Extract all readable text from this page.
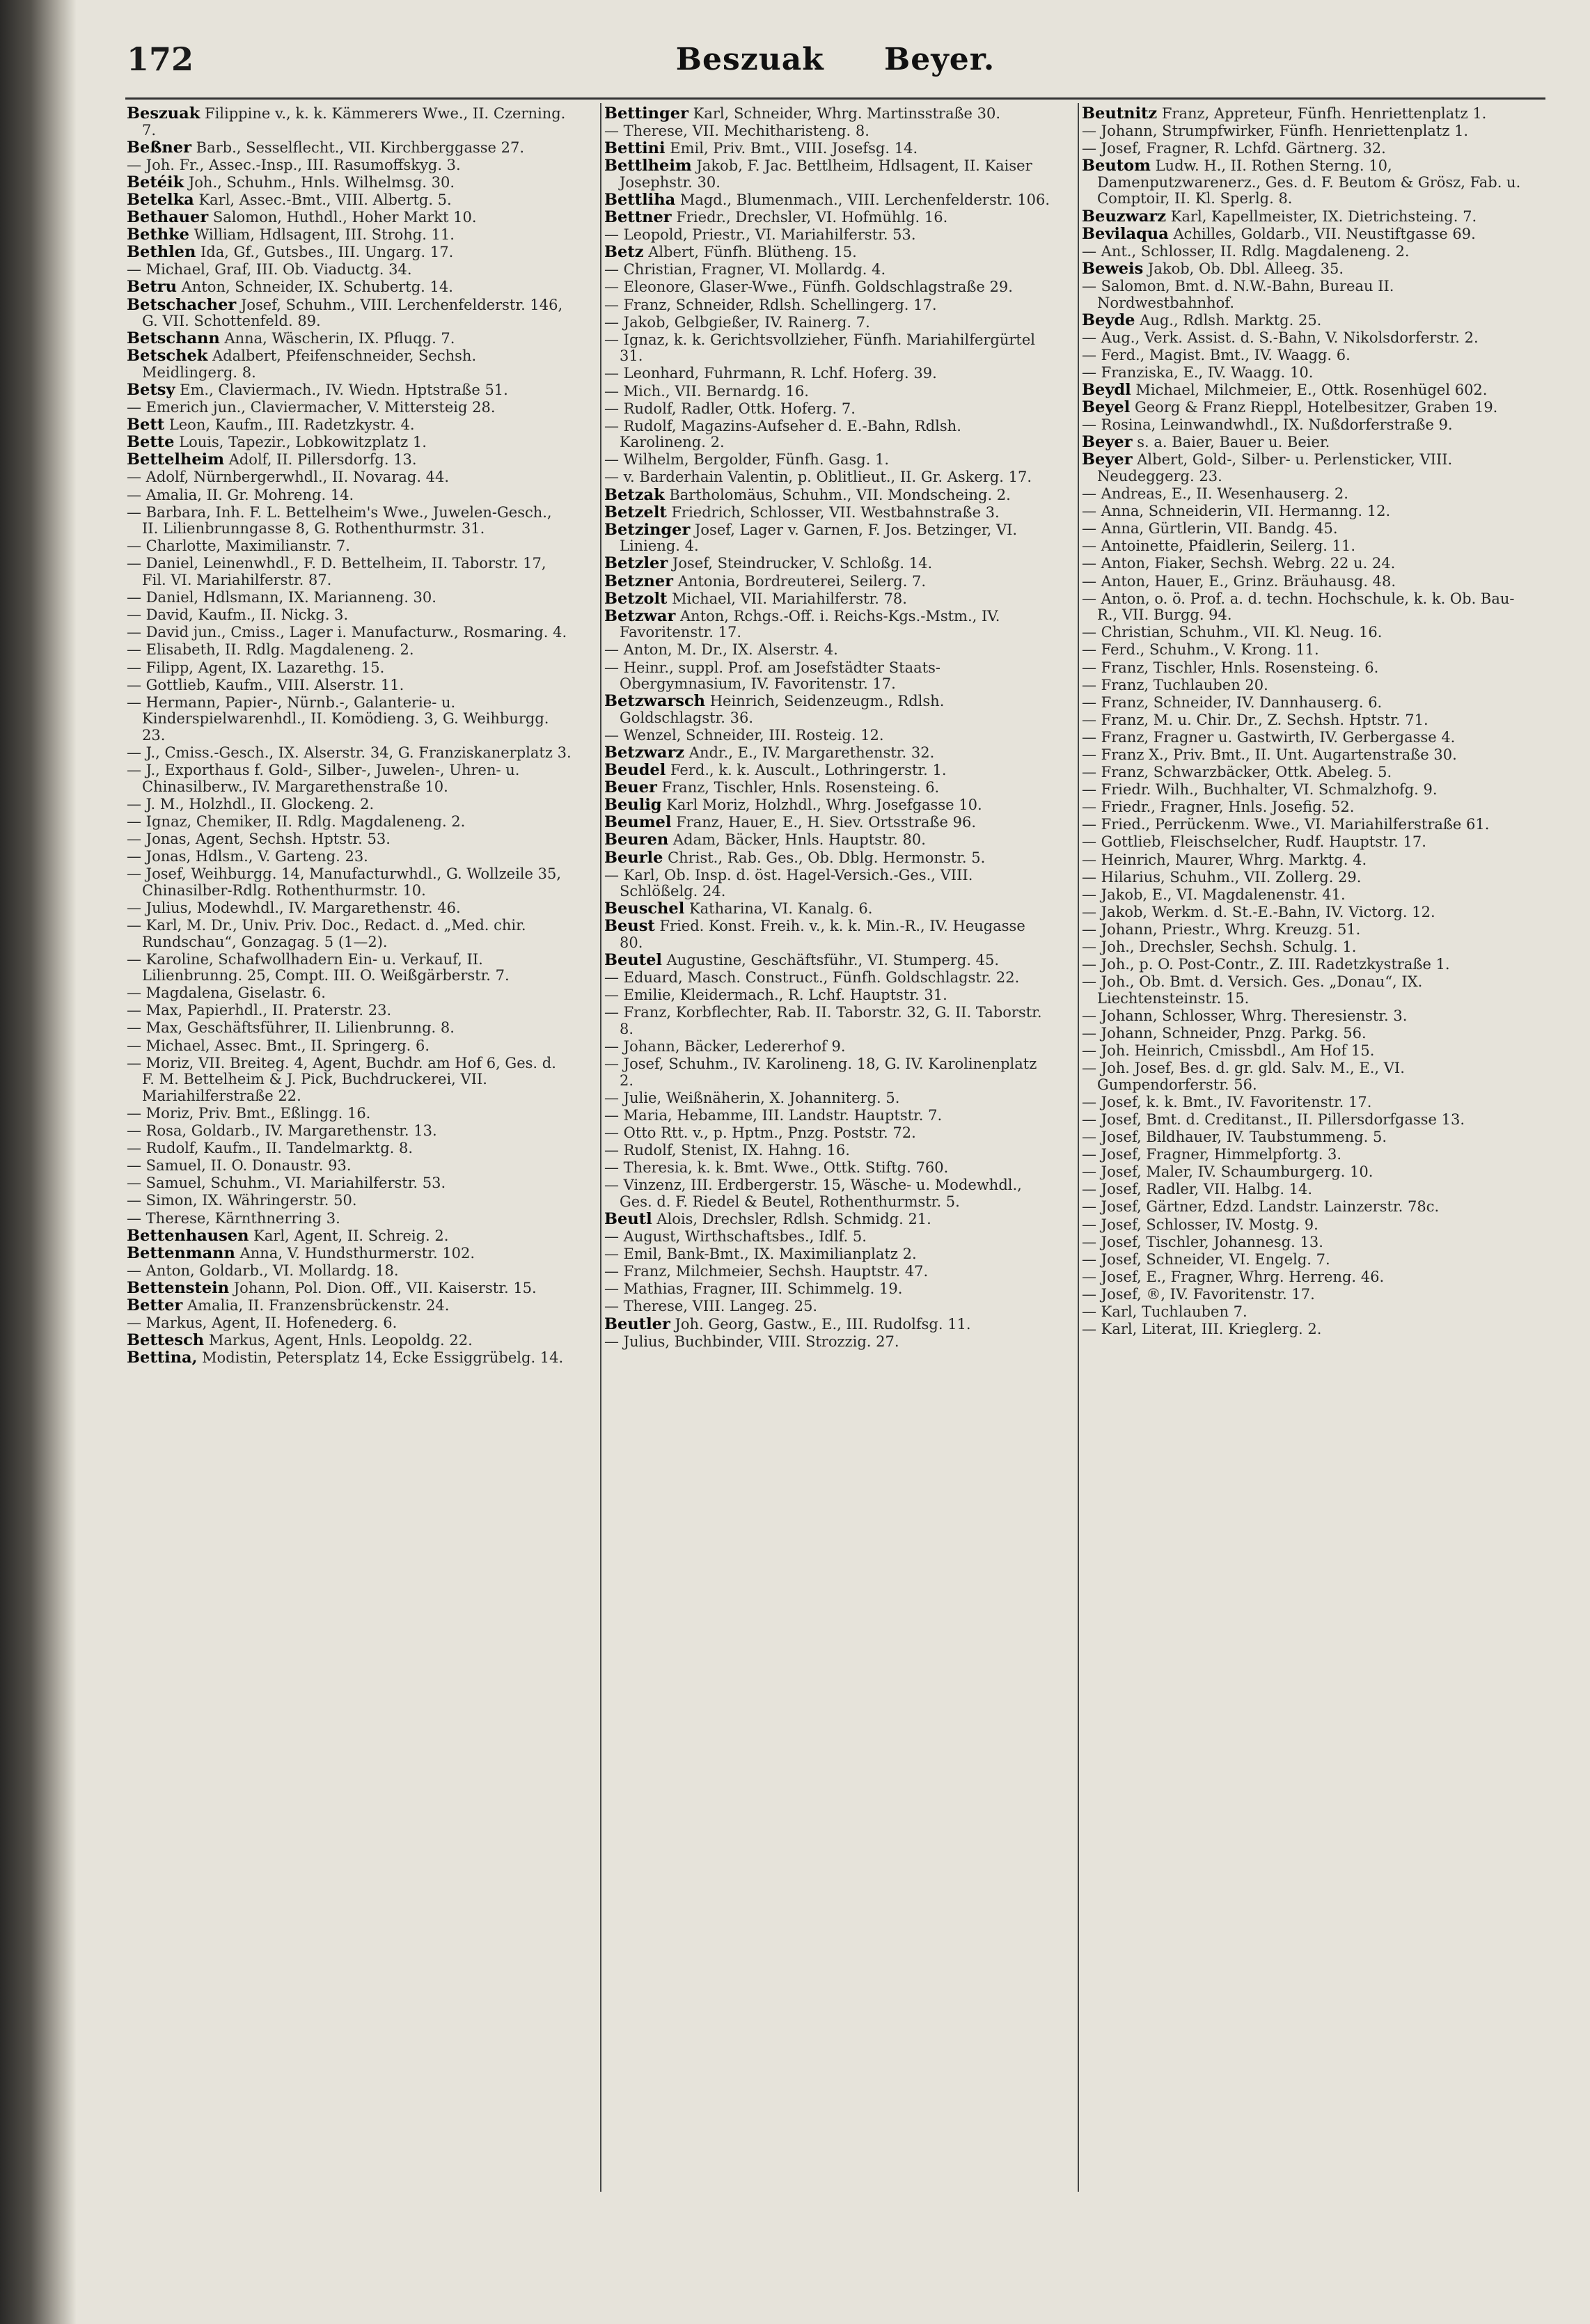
172	Beszuak Beyer.
Beszuak Filippine v., k. k. Kämmerers Wwe., II. Czerning. 7.
Beßner Barb., Sesselflecht., VII. Kirchberggasse 27.
— Joh. Fr., Assec.-Insp., III. Rasumoffskyg. 3.
Betéik Joh., Schuhm., Hnls. Wilhelmsg. 30.
Betelka Karl, Assec.-Bmt., VIII. Albertg. 5.
Bethauer Salomon, Huthdl., Hoher Markt 10.
Bethke William, Hdlsagent, III. Strohg. 11.
Bethlen Ida, Gf., Gutsbes., III. Ungarg. 17.
— Michael, Graf, III. Ob. Viaductg. 34.
Betru Anton, Schneider, IX. Schubertg. 14.
Betschacher Josef, Schuhm., VIII. Lerchenfelderstr. 146, G. VII. Schottenfeld. 89.
Betschann Anna, Wäscherin, IX. Pfluqg. 7.
Betschek Adalbert, Pfeifenschneider, Sechsh. Meidlingerg. 8.
Betsy Em., Claviermach., IV. Wiedn. Hptstraße 51.
— Emerich jun., Claviermacher, V. Mittersteig 28.
Bett Leon, Kaufm., III. Radetzkystr. 4.
Bette Louis, Tapezir., Lobkowitzplatz 1.
Bettelheim Adolf, II. Pillersdorfg. 13.
— Adolf, Nürnbergerwhdl., II. Novarag. 44.
— Amalia, II. Gr. Mohreng. 14.
— Barbara, Inh. F. L. Bettelheim's Wwe., Juwelen-Gesch., II. Lilienbrunngasse 8, G. Rothenthurmstr. 31.
— Charlotte, Maximilianstr. 7.
— Daniel, Leinenwhdl., F. D. Bettelheim, II. Taborstr. 17, Fil. VI. Mariahilferstr. 87.
— Daniel, Hdlsmann, IX. Marianneng. 30.
— David, Kaufm., II. Nickg. 3.
— David jun., Cmiss., Lager i. Manufacturw., Rosmaring. 4.
— Elisabeth, II. Rdlg. Magdaleneng. 2.
— Filipp, Agent, IX. Lazarethg. 15.
— Gottlieb, Kaufm., VIII. Alserstr. 11.
— Hermann, Papier-, Nürnb.-, Galanterie- u. Kinderspielwarenhdl., II. Komödieng. 3, G. Weihburgg. 23.
— J., Cmiss.-Gesch., IX. Alserstr. 34, G. Franziskanerplatz 3.
— J., Exporthaus f. Gold-, Silber-, Juwelen-, Uhren- u. Chinasilberw., IV. Margarethenstraße 10.
— J. M., Holzhdl., II. Glockeng. 2.
— Ignaz, Chemiker, II. Rdlg. Magdaleneng. 2.
— Jonas, Agent, Sechsh. Hptstr. 53.
— Jonas, Hdlsm., V. Garteng. 23.
— Josef, Weihburgg. 14, Manufacturwhdl., G. Wollzeile 35, Chinasilber-Rdlg. Rothenthurmstr. 10.
— Julius, Modewhdl., IV. Margarethenstr. 46.
— Karl, M. Dr., Univ. Priv. Doc., Redact. d. „Med. chir. Rundschau“, Gonzagag. 5 (1—2).
— Karoline, Schafwollhadern Ein- u. Verkauf, II. Lilienbrunng. 25, Compt. III. O. Weißgärberstr. 7.
— Magdalena, Giselastr. 6.
— Max, Papierhdl., II. Praterstr. 23.
— Max, Geschäftsführer, II. Lilienbrunng. 8.
— Michael, Assec. Bmt., II. Springerg. 6.
— Moriz, VII. Breiteg. 4, Agent, Buchdr. am Hof 6, Ges. d. F. M. Bettelheim & J. Pick, Buchdruckerei, VII. Mariahilferstraße 22.
— Moriz, Priv. Bmt., Eßlingg. 16.
— Rosa, Goldarb., IV. Margarethenstr. 13.
— Rudolf, Kaufm., II. Tandelmarktg. 8.
— Samuel, II. O. Donaustr. 93.
— Samuel, Schuhm., VI. Mariahilferstr. 53.
— Simon, IX. Währingerstr. 50.
— Therese, Kärnthnerring 3.
Bettenhausen Karl, Agent, II. Schreig. 2.
Bettenmann Anna, V. Hundsthurmerstr. 102.
— Anton, Goldarb., VI. Mollardg. 18.
Bettenstein Johann, Pol. Dion. Off., VII. Kaiserstr. 15.
Better Amalia, II. Franzensbrückenstr. 24.
— Markus, Agent, II. Hofenederg. 6.
Bettesch Markus, Agent, Hnls. Leopoldg. 22.
Bettina, Modistin, Petersplatz 14, Ecke Essiggrübelg. 14.
Bettinger Karl, Schneider, Whrg. Martinsstraße 30.
— Therese, VII. Mechitharisteng. 8.
Bettini Emil, Priv. Bmt., VIII. Josefsg. 14.
Bettlheim Jakob, F. Jac. Bettlheim, Hdlsagent, II. Kaiser Josephstr. 30.
Bettliha Magd., Blumenmach., VIII. Lerchenfelderstr. 106.
Bettner Friedr., Drechsler, VI. Hofmühlg. 16.
— Leopold, Priestr., VI. Mariahilferstr. 53.
Betz Albert, Fünfh. Blütheng. 15.
— Christian, Fragner, VI. Mollardg. 4.
— Eleonore, Glaser-Wwe., Fünfh. Goldschlagstraße 29.
— Franz, Schneider, Rdlsh. Schellingerg. 17.
— Jakob, Gelbgießer, IV. Rainerg. 7.
— Ignaz, k. k. Gerichtsvollzieher, Fünfh. Mariahilfergürtel 31.
— Leonhard, Fuhrmann, R. Lchf. Hoferg. 39.
— Mich., VII. Bernardg. 16.
— Rudolf, Radler, Ottk. Hoferg. 7.
— Rudolf, Magazins-Aufseher d. E.-Bahn, Rdlsh. Karolineng. 2.
— Wilhelm, Bergolder, Fünfh. Gasg. 1.
— v. Barderhain Valentin, p. Oblitlieut., II. Gr. Askerg. 17.
Betzak Bartholomäus, Schuhm., VII. Mondscheing. 2.
Betzelt Friedrich, Schlosser, VII. Westbahnstraße 3.
Betzinger Josef, Lager v. Garnen, F. Jos. Betzinger, VI. Linieng. 4.
Betzler Josef, Steindrucker, V. Schloßg. 14.
Betzner Antonia, Bordreuterei, Seilerg. 7.
Betzolt Michael, VII. Mariahilferstr. 78.
Betzwar Anton, Rchgs.-Off. i. Reichs-Kgs.-Mstm., IV. Favoritenstr. 17.
— Anton, M. Dr., IX. Alserstr. 4.
— Heinr., suppl. Prof. am Josefstädter Staats-Obergymnasium, IV. Favoritenstr. 17.
Betzwarsch Heinrich, Seidenzeugm., Rdlsh. Goldschlagstr. 36.
— Wenzel, Schneider, III. Rosteig. 12.
Betzwarz Andr., E., IV. Margarethenstr. 32.
Beudel Ferd., k. k. Auscult., Lothringerstr. 1.
Beuer Franz, Tischler, Hnls. Rosensteing. 6.
Beulig Karl Moriz, Holzhdl., Whrg. Josefgasse 10.
Beumel Franz, Hauer, E., H. Siev. Ortsstraße 96.
Beuren Adam, Bäcker, Hnls. Hauptstr. 80.
Beurle Christ., Rab. Ges., Ob. Dblg. Hermonstr. 5.
— Karl, Ob. Insp. d. öst. Hagel-Versich.-Ges., VIII. Schlößelg. 24.
Beuschel Katharina, VI. Kanalg. 6.
Beust Fried. Konst. Freih. v., k. k. Min.-R., IV. Heugasse 80.
Beutel Augustine, Geschäftsführ., VI. Stumperg. 45.
— Eduard, Masch. Construct., Fünfh. Goldschlagstr. 22.
— Emilie, Kleidermach., R. Lchf. Hauptstr. 31.
— Franz, Korbflechter, Rab. II. Taborstr. 32, G. II. Taborstr. 8.
— Johann, Bäcker, Ledererhof 9.
— Josef, Schuhm., IV. Karolineng. 18, G. IV. Karolinenplatz 2.
— Julie, Weißnäherin, X. Johanniterg. 5.
— Maria, Hebamme, III. Landstr. Hauptstr. 7.
— Otto Rtt. v., p. Hptm., Pnzg. Poststr. 72.
— Rudolf, Stenist, IX. Hahng. 16.
— Theresia, k. k. Bmt. Wwe., Ottk. Stiftg. 760.
— Vinzenz, III. Erdbergerstr. 15, Wäsche- u. Modewhdl., Ges. d. F. Riedel & Beutel, Rothenthurmstr. 5.
Beutl Alois, Drechsler, Rdlsh. Schmidg. 21.
— August, Wirthschaftsbes., Idlf. 5.
— Emil, Bank-Bmt., IX. Maximilianplatz 2.
— Franz, Milchmeier, Sechsh. Hauptstr. 47.
— Mathias, Fragner, III. Schimmelg. 19.
— Therese, VIII. Langeg. 25.
Beutler Joh. Georg, Gastw., E., III. Rudolfsg. 11.
— Julius, Buchbinder, VIII. Strozzig. 27.
Beutnitz Franz, Appreteur, Fünfh. Henriettenplatz 1.
— Johann, Strumpfwirker, Fünfh. Henriettenplatz 1.
— Josef, Fragner, R. Lchfd. Gärtnerg. 32.
Beutom Ludw. H., II. Rothen Sterng. 10, Damenputzwarenerz., Ges. d. F. Beutom & Grösz, Fab. u. Comptoir, II. Kl. Sperlg. 8.
Beuzwarz Karl, Kapellmeister, IX. Dietrichsteing. 7.
Bevilaqua Achilles, Goldarb., VII. Neustiftgasse 69.
— Ant., Schlosser, II. Rdlg. Magdaleneng. 2.
Beweis Jakob, Ob. Dbl. Alleeg. 35.
— Salomon, Bmt. d. N.W.-Bahn, Bureau II. Nordwestbahnhof.
Beyde Aug., Rdlsh. Marktg. 25.
— Aug., Verk. Assist. d. S.-Bahn, V. Nikolsdorferstr. 2.
— Ferd., Magist. Bmt., IV. Waagg. 6.
— Franziska, E., IV. Waagg. 10.
Beydl Michael, Milchmeier, E., Ottk. Rosenhügel 602.
Beyel Georg & Franz Rieppl, Hotelbesitzer, Graben 19.
— Rosina, Leinwandwhdl., IX. Nußdorferstraße 9.
Beyer s. a. Baier, Bauer u. Beier.
Beyer Albert, Gold-, Silber- u. Perlensticker, VIII. Neudeggerg. 23.
— Andreas, E., II. Wesenhauserg. 2.
— Anna, Schneiderin, VII. Hermanng. 12.
— Anna, Gürtlerin, VII. Bandg. 45.
— Antoinette, Pfaidlerin, Seilerg. 11.
— Anton, Fiaker, Sechsh. Webrg. 22 u. 24.
— Anton, Hauer, E., Grinz. Bräuhausg. 48.
— Anton, o. ö. Prof. a. d. techn. Hochschule, k. k. Ob. Bau-R., VII. Burgg. 94.
— Christian, Schuhm., VII. Kl. Neug. 16.
— Ferd., Schuhm., V. Krong. 11.
— Franz, Tischler, Hnls. Rosensteing. 6.
— Franz, Tuchlauben 20.
— Franz, Schneider, IV. Dannhauserg. 6.
— Franz, M. u. Chir. Dr., Z. Sechsh. Hptstr. 71.
— Franz, Fragner u. Gastwirth, IV. Gerbergasse 4.
— Franz X., Priv. Bmt., II. Unt. Augartenstraße 30.
— Franz, Schwarzbäcker, Ottk. Abeleg. 5.
— Friedr. Wilh., Buchhalter, VI. Schmalzhofg. 9.
— Friedr., Fragner, Hnls. Josefig. 52.
— Fried., Perrückenm. Wwe., VI. Mariahilferstraße 61.
— Gottlieb, Fleischselcher, Rudf. Hauptstr. 17.
— Heinrich, Maurer, Whrg. Marktg. 4.
— Hilarius, Schuhm., VII. Zollerg. 29.
— Jakob, E., VI. Magdalenenstr. 41.
— Jakob, Werkm. d. St.-E.-Bahn, IV. Victorg. 12.
— Johann, Priestr., Whrg. Kreuzg. 51.
— Joh., Drechsler, Sechsh. Schulg. 1.
— Joh., p. O. Post-Contr., Z. III. Radetzkystraße 1.
— Joh., Ob. Bmt. d. Versich. Ges. „Donau“, IX. Liechtensteinstr. 15.
— Johann, Schlosser, Whrg. Theresienstr. 3.
— Johann, Schneider, Pnzg. Parkg. 56.
— Joh. Heinrich, Cmissbdl., Am Hof 15.
— Joh. Josef, Bes. d. gr. gld. Salv. M., E., VI. Gumpendorferstr. 56.
— Josef, k. k. Bmt., IV. Favoritenstr. 17.
— Josef, Bmt. d. Creditanst., II. Pillersdorfgasse 13.
— Josef, Bildhauer, IV. Taubstummeng. 5.
— Josef, Fragner, Himmelpfortg. 3.
— Josef, Maler, IV. Schaumburgerg. 10.
— Josef, Radler, VII. Halbg. 14.
— Josef, Gärtner, Edzd. Landstr. Lainzerstr. 78c.
— Josef, Schlosser, IV. Mostg. 9.
— Josef, Tischler, Johannesg. 13.
— Josef, Schneider, VI. Engelg. 7.
— Josef, E., Fragner, Whrg. Herreng. 46.
— Josef, ®, IV. Favoritenstr. 17.
— Karl, Tuchlauben 7.
— Karl, Literat, III. Krieglerg. 2.
